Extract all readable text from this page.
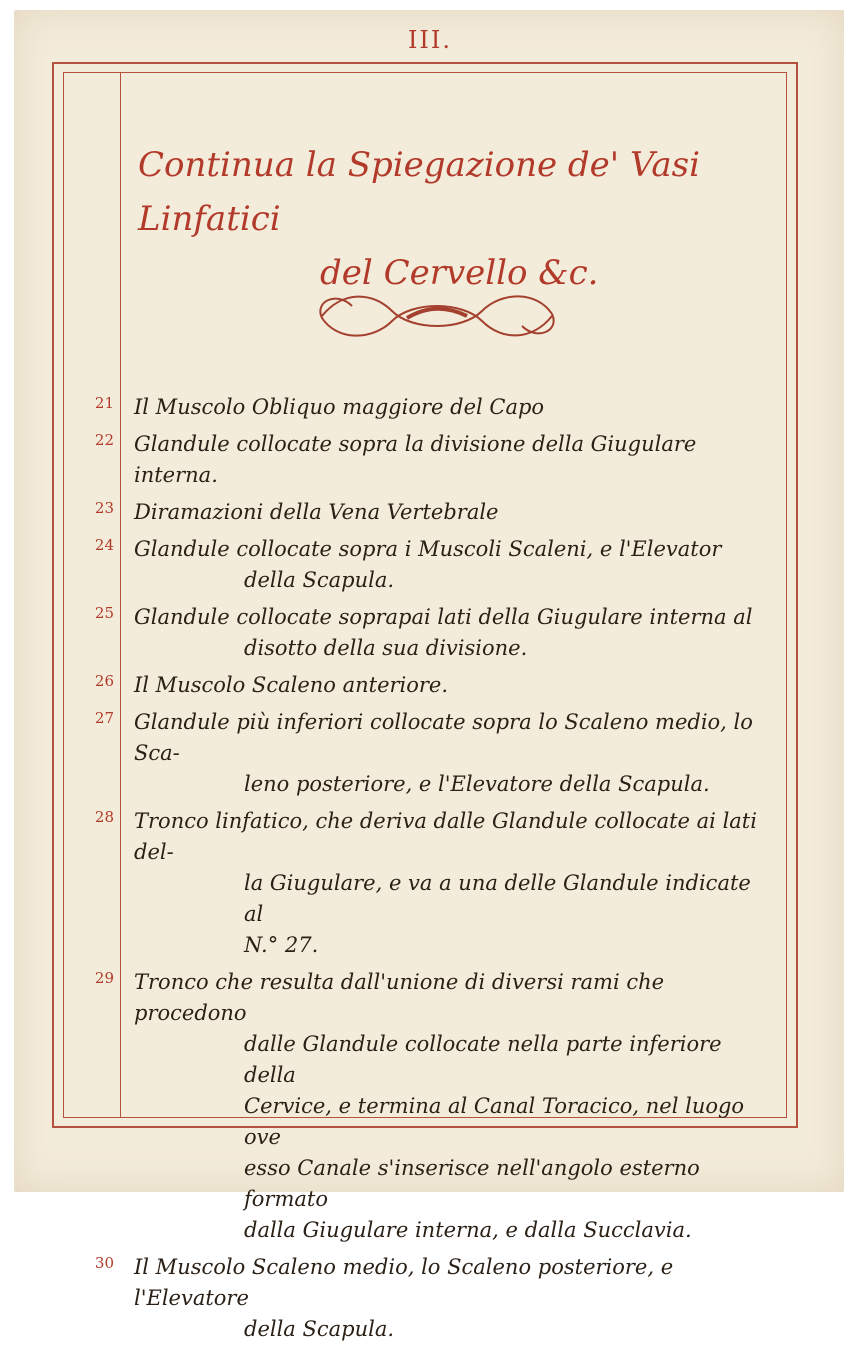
III.
Continua la Spiegazione de' Vasi Linfatici
del Cervello &c.
21 Il Muscolo Obliquo maggiore del Capo
22 Glandule collocate sopra la divisione della Giugulare interna.
23 Diramazioni della Vena Vertebrale
24 Glandule collocate sopra i Muscoli Scaleni, e l'Elevator
della Scapula.
25 Glandule collocate soprapai lati della Giugulare interna al
disotto della sua divisione.
26 Il Muscolo Scaleno anteriore.
27 Glandule più inferiori collocate sopra lo Scaleno medio, lo Sca-
leno posteriore, e l'Elevatore della Scapula.
28 Tronco linfatico, che deriva dalle Glandule collocate ai lati del-
la Giugulare, e va a una delle Glandule indicate al
N.° 27.
29 Tronco che resulta dall'unione di diversi rami che procedono
dalle Glandule collocate nella parte inferiore della
Cervice, e termina al Canal Toracico, nel luogo ove
esso Canale s'inserisce nell'angolo esterno formato
dalla Giugulare interna, e dalla Succlavia.
30 Il Muscolo Scaleno medio, lo Scaleno posteriore, e l'Elevatore
della Scapula.
